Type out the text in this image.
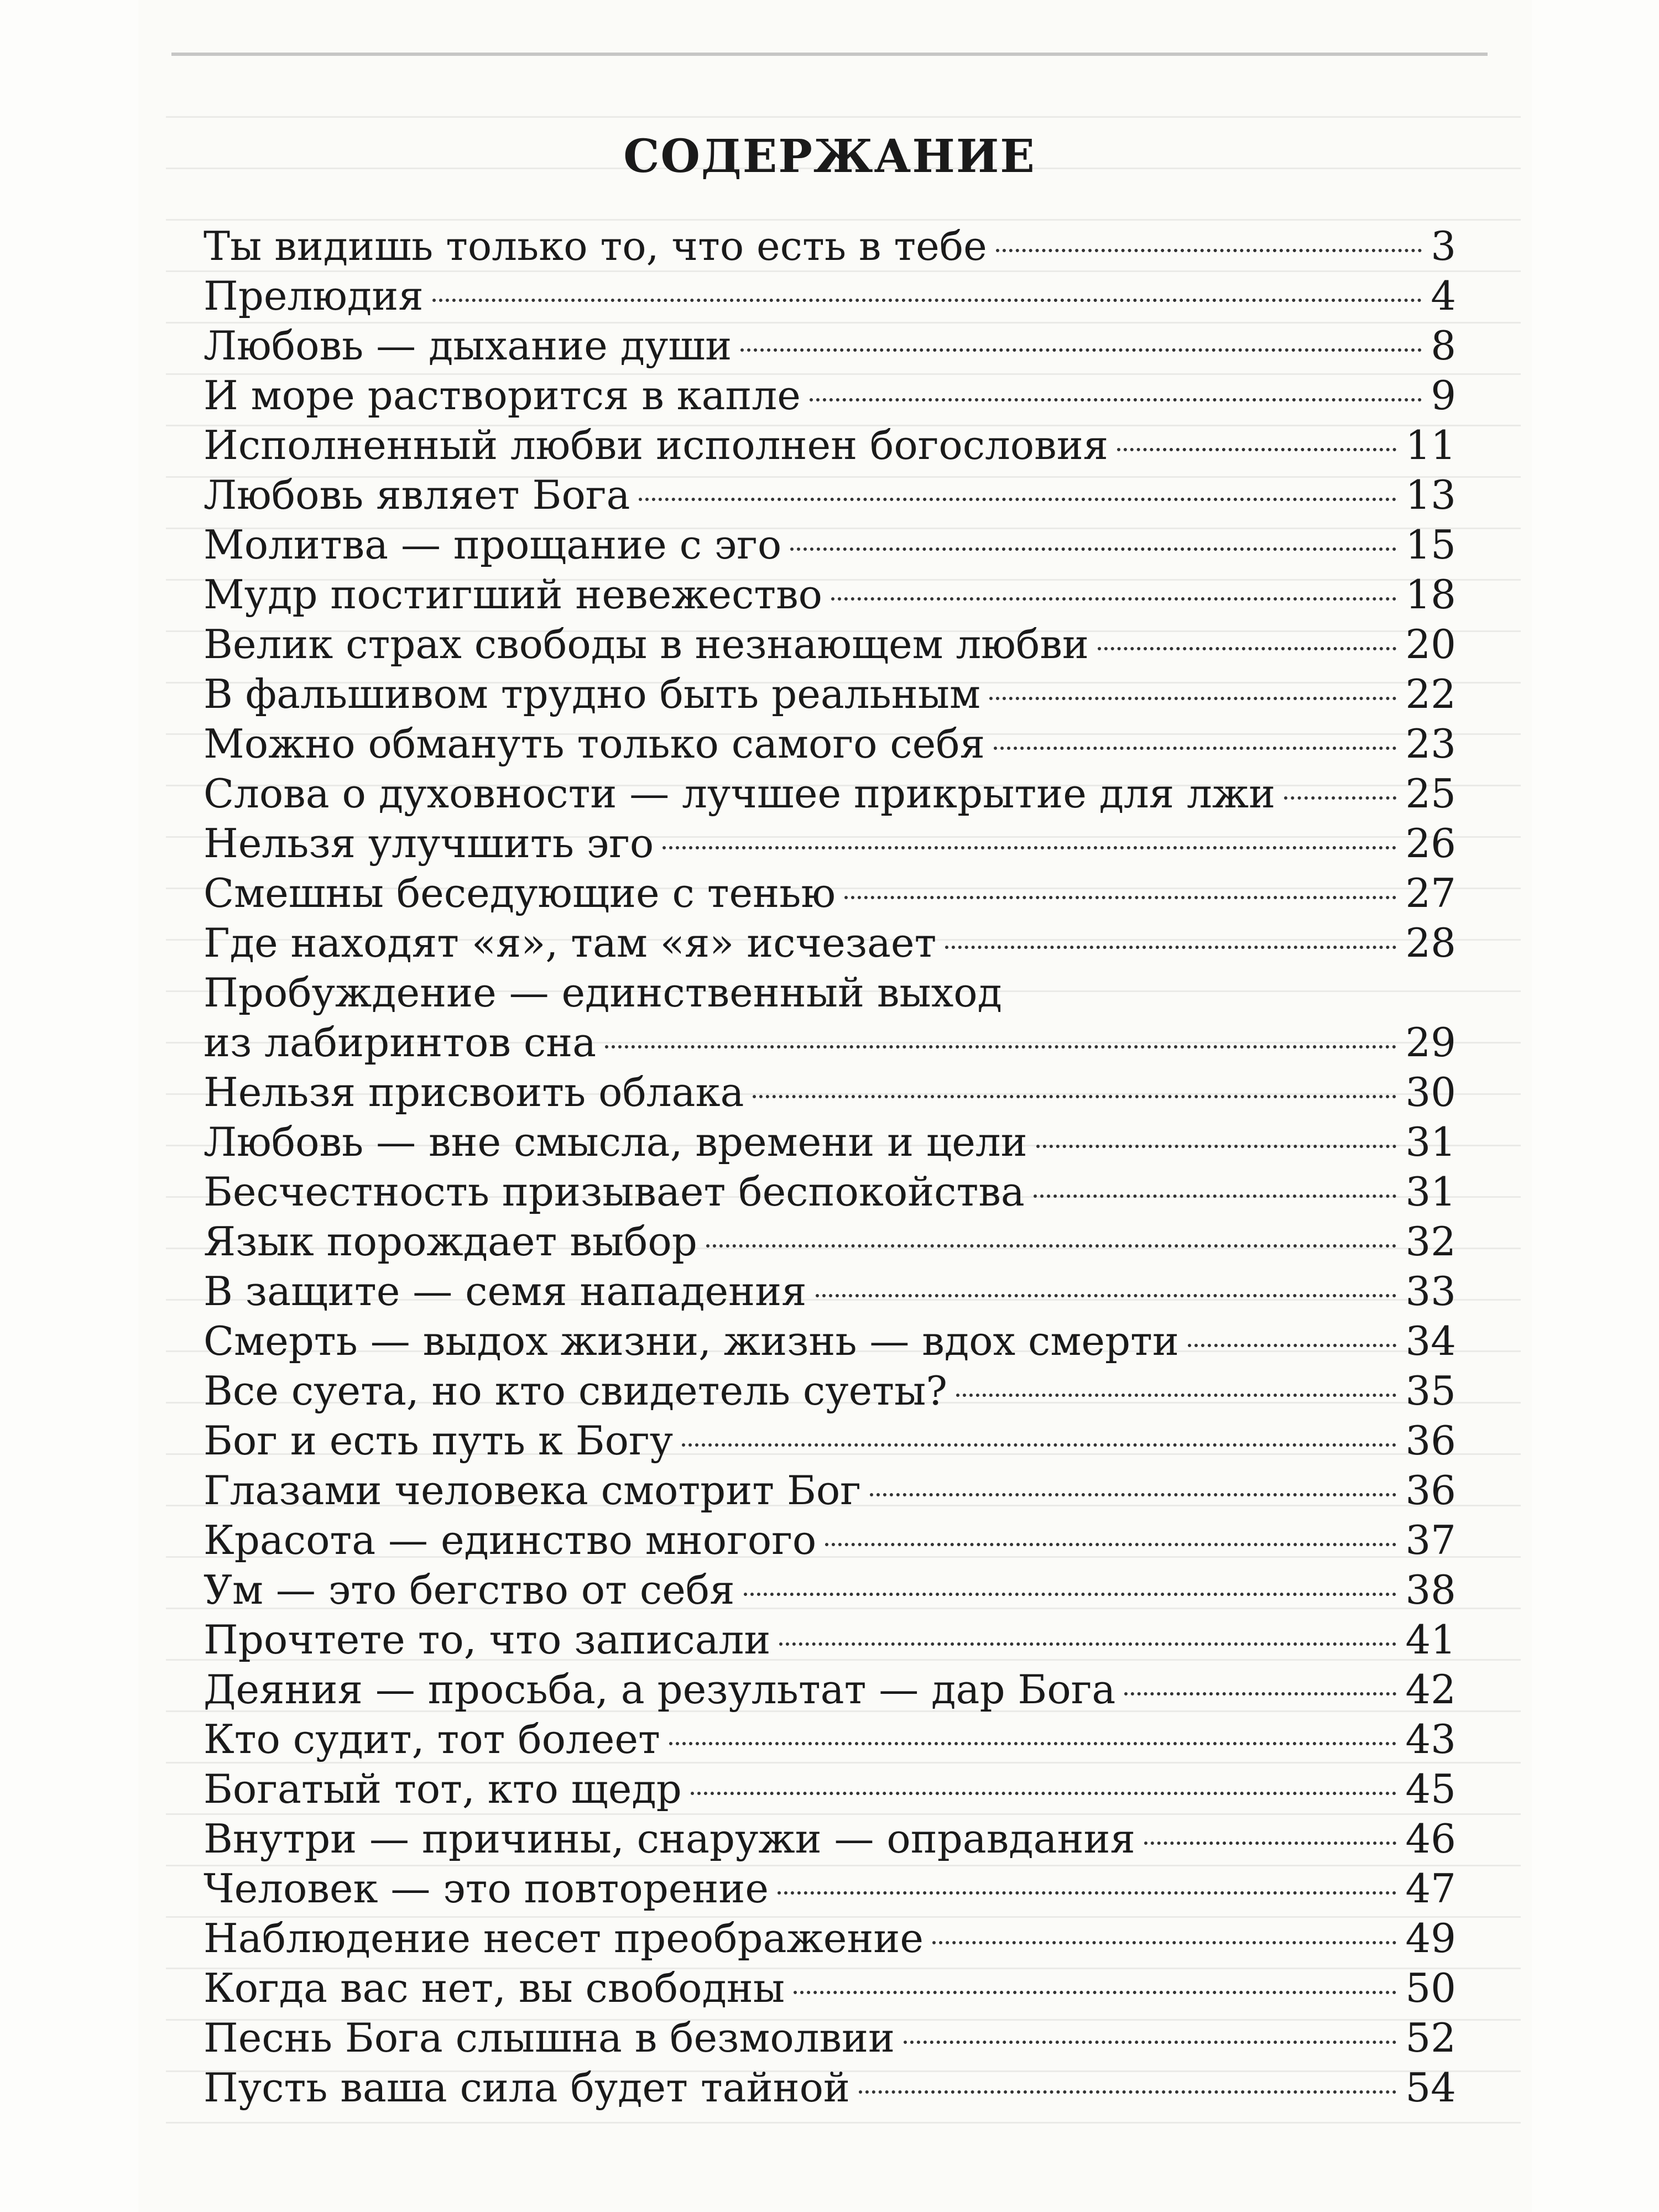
СОДЕРЖАНИЕ
Ты видишь только то, что есть в тебе	3
Прелюдия	4
Любовь — дыхание души	8
И море растворится в капле	9
Исполненный любви исполнен богословия	11
Любовь являет Бога	13
Молитва — прощание с эго	15
Мудр постигший невежество	18
Велик страх свободы в незнающем любви	20
В фальшивом трудно быть реальным	22
Можно обмануть только самого себя	23
Слова о духовности — лучшее прикрытие для лжи	25
Нельзя улучшить эго	26
Смешны беседующие с тенью	27
Где находят «я», там «я» исчезает	28
Пробуждение — единственный выход
из лабиринтов сна	29
Нельзя присвоить облака	30
Любовь — вне смысла, времени и цели	31
Бесчестность призывает беспокойства	31
Язык порождает выбор	32
В защите — семя нападения	33
Смерть — выдох жизни, жизнь — вдох смерти	34
Все суета, но кто свидетель суеты?	35
Бог и есть путь к Богу	36
Глазами человека смотрит Бог	36
Красота — единство многого	37
Ум — это бегство от себя	38
Прочтете то, что записали	41
Деяния — просьба, а результат — дар Бога	42
Кто судит, тот болеет	43
Богатый тот, кто щедр	45
Внутри — причины, снаружи — оправдания	46
Человек — это повторение	47
Наблюдение несет преображение	49
Когда вас нет, вы свободны	50
Песнь Бога слышна в безмолвии	52
Пусть ваша сила будет тайной	54
